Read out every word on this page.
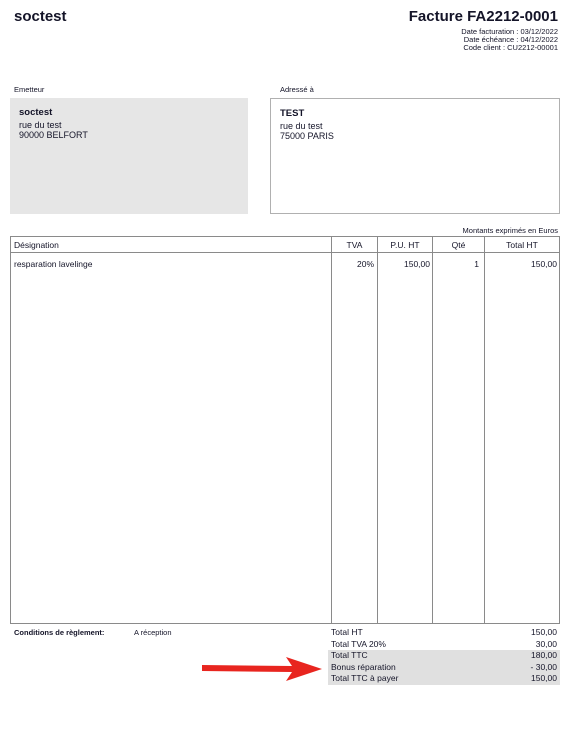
soctest	Facture FA2212-0001
Date facturation : 03/12/2022
Date échéance : 04/12/2022
Code client : CU2212-00001
Emetteur	Adressé à
soctest
rue du test
90000 BELFORT
TEST
rue du test
75000 PARIS
Montants exprimés en Euros
Désignation	TVA	P.U. HT	Qté	Total HT
resparation lavelinge	20%	150,00	1	150,00
Conditions de règlement:	A réception	Total HT	150,00
Total TVA 20%	30,00
Total TTC	180,00
Bonus réparation	- 30,00
Total TTC à payer	150,00
